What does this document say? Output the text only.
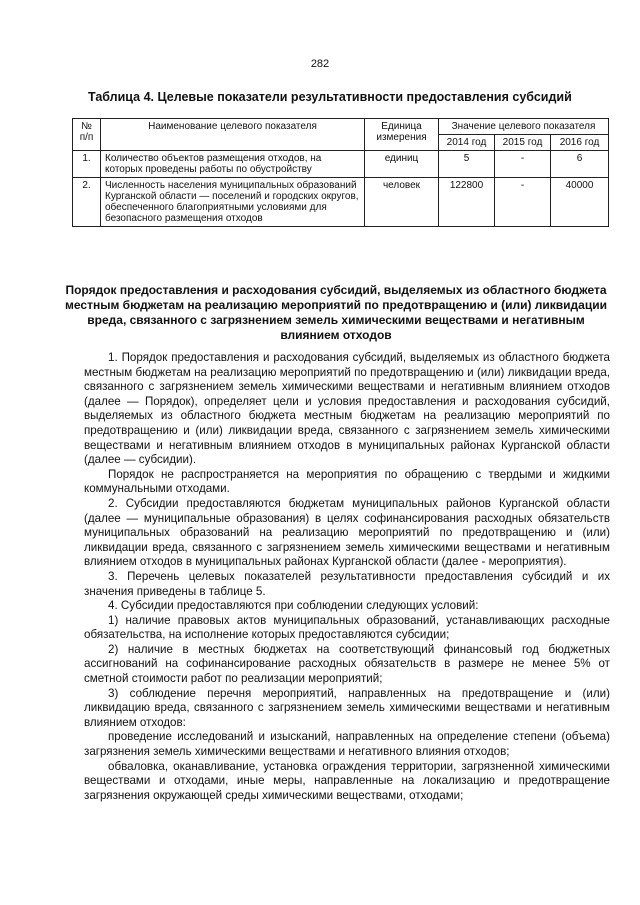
282
Таблица 4. Целевые показатели результативности предоставления субсидий
№ п/п	Наименование целевого показателя	Единица измерения	Значение целевого показателя		
			2014 год	2015 год	2016 год
1.	Количество объектов размещения отходов, на которых проведены работы по обустройству	единиц	5	-	6
2.	Численность населения муниципальных образований Курганской области — поселений и городских округов, обеспеченного благоприятными условиями для безопасного размещения отходов	человек	122800	-	40000
Порядок предоставления и расходования субсидий, выделяемых из областного бюджета местным бюджетам на реализацию мероприятий по предотвращению и (или) ликвидации вреда, связанного с загрязнением земель химическими веществами и негативным влиянием отходов

1. Порядок предоставления и расходования субсидий, выделяемых из областного бюджета местным бюджетам на реализацию мероприятий по предотвращению и (или) ликвидации вреда, связанного с загрязнением земель химическими веществами и негативным влиянием отходов (далее — Порядок), определяет цели и условия предоставления и расходования субсидий, выделяемых из областного бюджета местным бюджетам на реализацию мероприятий по предотвращению и (или) ликвидации вреда, связанного с загрязнением земель химическими веществами и негативным влиянием отходов в муниципальных районах Курганской области (далее — субсидии).

Порядок не распространяется на мероприятия по обращению с твердыми и жидкими коммунальными отходами.

2. Субсидии предоставляются бюджетам муниципальных районов Курганской области (далее — муниципальные образования) в целях софинансирования расходных обязательств муниципальных образований на реализацию мероприятий по предотвращению и (или) ликвидации вреда, связанного с загрязнением земель химическими веществами и негативным влиянием отходов в муниципальных районах Курганской области (далее - мероприятия).

3. Перечень целевых показателей результативности предоставления субсидий и их значения приведены в таблице 5.

4. Субсидии предоставляются при соблюдении следующих условий:

1) наличие правовых актов муниципальных образований, устанавливающих расходные обязательства, на исполнение которых предоставляются субсидии;

2) наличие в местных бюджетах на соответствующий финансовый год бюджетных ассигнований на софинансирование расходных обязательств в размере не менее 5% от сметной стоимости работ по реализации мероприятий;

3) соблюдение перечня мероприятий, направленных на предотвращение и (или) ликвидацию вреда, связанного с загрязнением земель химическими веществами и негативным влиянием отходов:

проведение исследований и изысканий, направленных на определение степени (объема) загрязнения земель химическими веществами и негативного влияния отходов;

обваловка, оканавливание, установка ограждения территории, загрязненной химическими веществами и отходами, иные меры, направленные на локализацию и предотвращение загрязнения окружающей среды химическими веществами, отходами;
